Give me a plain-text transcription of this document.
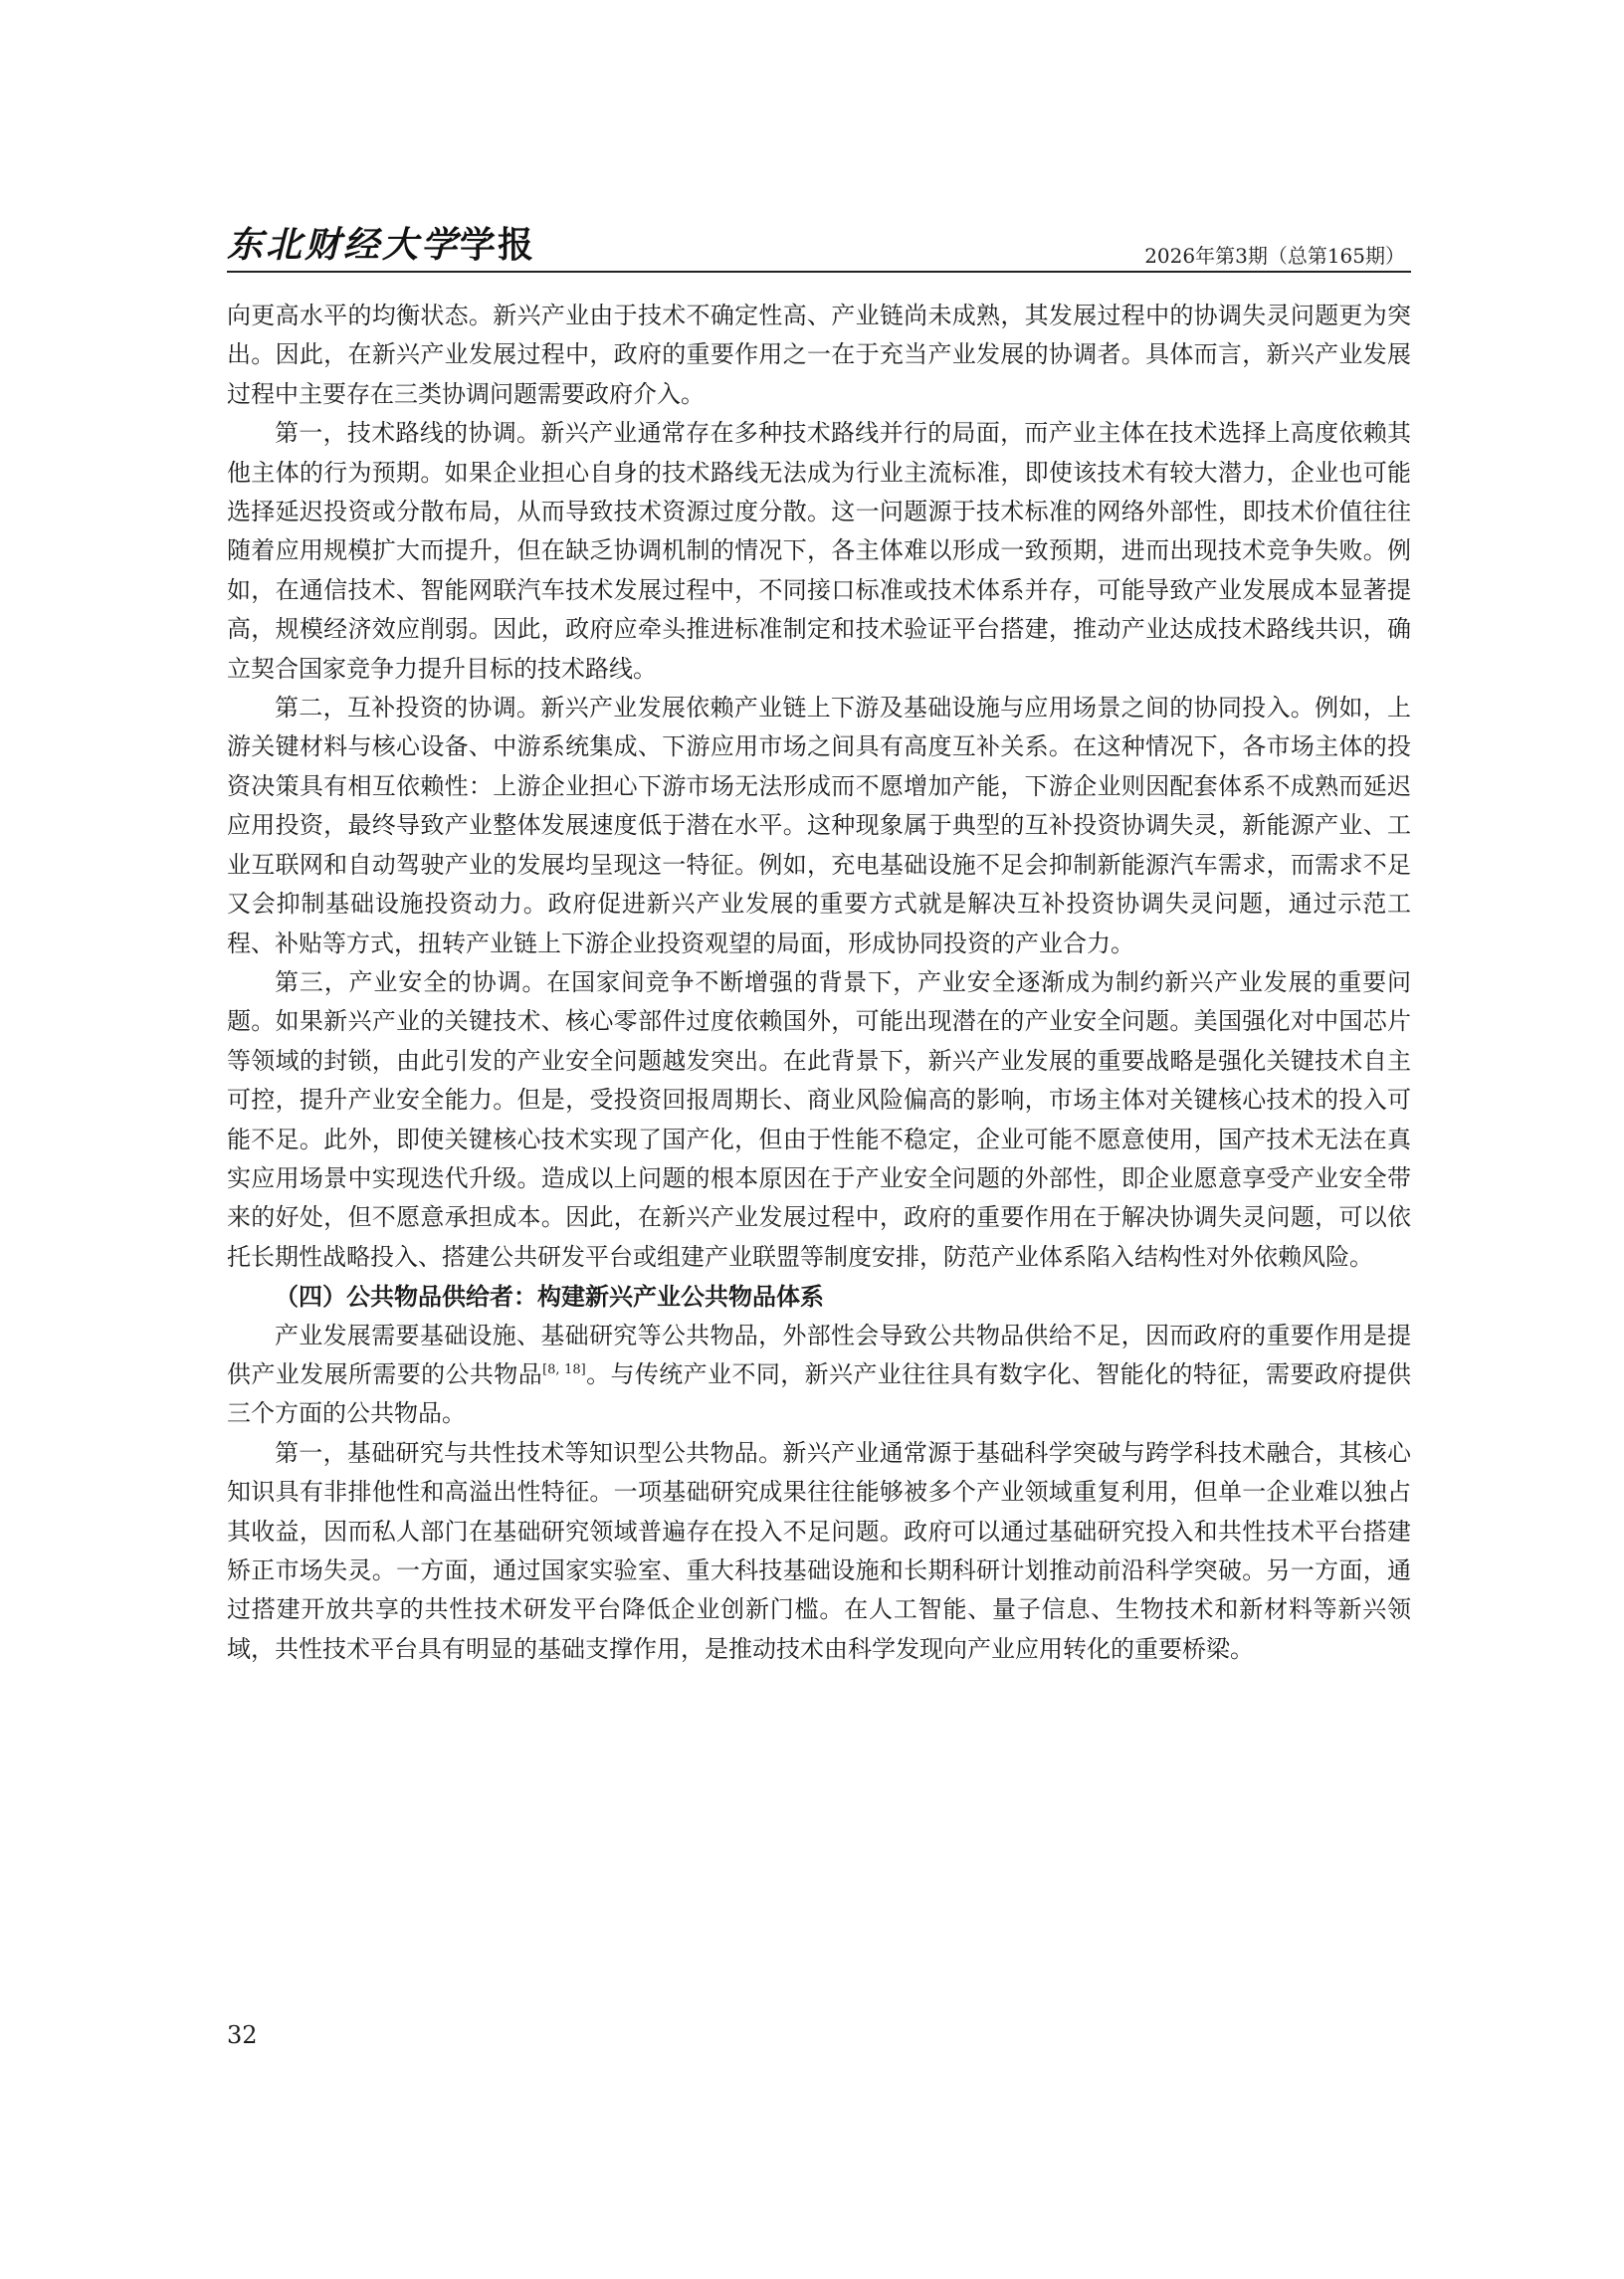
东北财经大学学报	2026年第3期（总第165期）

向更高水平的均衡状态。新兴产业由于技术不确定性高、产业链尚未成熟，其发展过程中的协调失灵问题更为突出。因此，在新兴产业发展过程中，政府的重要作用之一在于充当产业发展的协调者。具体而言，新兴产业发展过程中主要存在三类协调问题需要政府介入。

第一，技术路线的协调。新兴产业通常存在多种技术路线并行的局面，而产业主体在技术选择上高度依赖其他主体的行为预期。如果企业担心自身的技术路线无法成为行业主流标准，即使该技术有较大潜力，企业也可能选择延迟投资或分散布局，从而导致技术资源过度分散。这一问题源于技术标准的网络外部性，即技术价值往往随着应用规模扩大而提升，但在缺乏协调机制的情况下，各主体难以形成一致预期，进而出现技术竞争失败。例如，在通信技术、智能网联汽车技术发展过程中，不同接口标准或技术体系并存，可能导致产业发展成本显著提高，规模经济效应削弱。因此，政府应牵头推进标准制定和技术验证平台搭建，推动产业达成技术路线共识，确立契合国家竞争力提升目标的技术路线。

第二，互补投资的协调。新兴产业发展依赖产业链上下游及基础设施与应用场景之间的协同投入。例如，上游关键材料与核心设备、中游系统集成、下游应用市场之间具有高度互补关系。在这种情况下，各市场主体的投资决策具有相互依赖性：上游企业担心下游市场无法形成而不愿增加产能，下游企业则因配套体系不成熟而延迟应用投资，最终导致产业整体发展速度低于潜在水平。这种现象属于典型的互补投资协调失灵，新能源产业、工业互联网和自动驾驶产业的发展均呈现这一特征。例如，充电基础设施不足会抑制新能源汽车需求，而需求不足又会抑制基础设施投资动力。政府促进新兴产业发展的重要方式就是解决互补投资协调失灵问题，通过示范工程、补贴等方式，扭转产业链上下游企业投资观望的局面，形成协同投资的产业合力。

第三，产业安全的协调。在国家间竞争不断增强的背景下，产业安全逐渐成为制约新兴产业发展的重要问题。如果新兴产业的关键技术、核心零部件过度依赖国外，可能出现潜在的产业安全问题。美国强化对中国芯片等领域的封锁，由此引发的产业安全问题越发突出。在此背景下，新兴产业发展的重要战略是强化关键技术自主可控，提升产业安全能力。但是，受投资回报周期长、商业风险偏高的影响，市场主体对关键核心技术的投入可能不足。此外，即使关键核心技术实现了国产化，但由于性能不稳定，企业可能不愿意使用，国产技术无法在真实应用场景中实现迭代升级。造成以上问题的根本原因在于产业安全问题的外部性，即企业愿意享受产业安全带来的好处，但不愿意承担成本。因此，在新兴产业发展过程中，政府的重要作用在于解决协调失灵问题，可以依托长期性战略投入、搭建公共研发平台或组建产业联盟等制度安排，防范产业体系陷入结构性对外依赖风险。

（四）公共物品供给者：构建新兴产业公共物品体系

产业发展需要基础设施、基础研究等公共物品，外部性会导致公共物品供给不足，因而政府的重要作用是提供产业发展所需要的公共物品[8, 18]。与传统产业不同，新兴产业往往具有数字化、智能化的特征，需要政府提供三个方面的公共物品。

第一，基础研究与共性技术等知识型公共物品。新兴产业通常源于基础科学突破与跨学科技术融合，其核心知识具有非排他性和高溢出性特征。一项基础研究成果往往能够被多个产业领域重复利用，但单一企业难以独占其收益，因而私人部门在基础研究领域普遍存在投入不足问题。政府可以通过基础研究投入和共性技术平台搭建矫正市场失灵。一方面，通过国家实验室、重大科技基础设施和长期科研计划推动前沿科学突破。另一方面，通过搭建开放共享的共性技术研发平台降低企业创新门槛。在人工智能、量子信息、生物技术和新材料等新兴领域，共性技术平台具有明显的基础支撑作用，是推动技术由科学发现向产业应用转化的重要桥梁。

32
